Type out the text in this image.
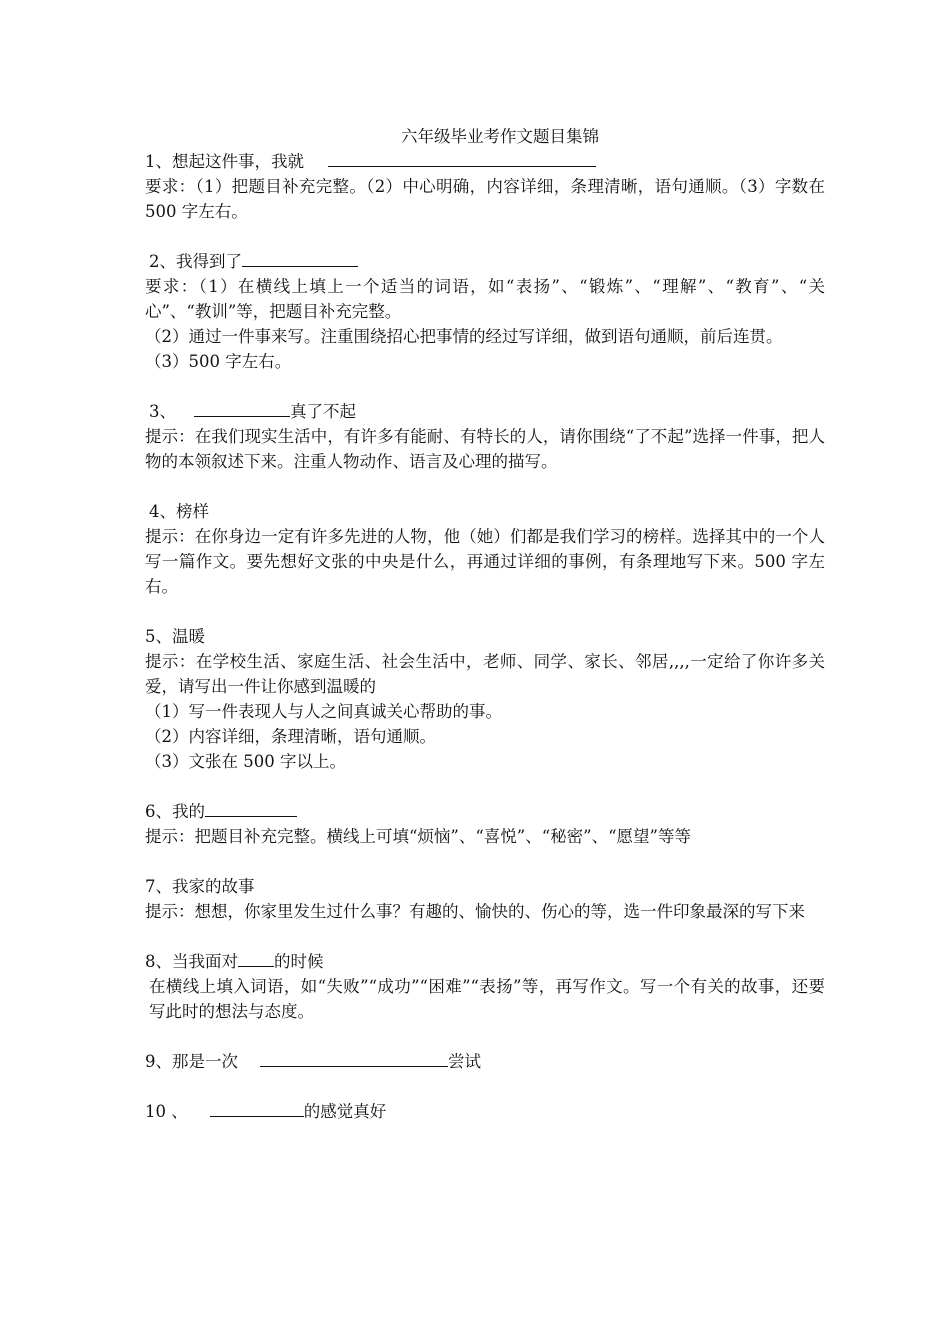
六年级毕业考作文题目集锦
1、想起这件事，我就
要求：（1）把题目补充完整。（2）中心明确，内容详细，条理清晰，语句通顺。（3）字数在 500 字左右。
2、我得到了
要求：（1）在横线上填上一个适当的词语，如“表扬”、“锻炼”、“理解”、“教育”、“关心”、“教训”等，把题目补充完整。
（2）通过一件事来写。注重围绕招心把事情的经过写详细，做到语句通顺，前后连贯。
（3）500 字左右。
3、	真了不起
提示：在我们现实生活中，有许多有能耐、有特长的人，请你围绕“了不起”选择一件事，把人物的本领叙述下来。注重人物动作、语言及心理的描写。
4、榜样
提示：在你身边一定有许多先进的人物，他（她）们都是我们学习的榜样。选择其中的一个人写一篇作文。要先想好文张的中央是什么，再通过详细的事例，有条理地写下来。500 字左右。
5、温暖
提示：在学校生活、家庭生活、社会生活中，老师、同学、家长、邻居,,,,一定给了你许多关爱，请写出一件让你感到温暖的
（1）写一件表现人与人之间真诚关心帮助的事。
（2）内容详细，条理清晰，语句通顺。
（3）文张在 500 字以上。
6、我的
提示：把题目补充完整。横线上可填“烦恼”、“喜悦”、“秘密”、“愿望”等等
7、我家的故事
提示：想想，你家里发生过什么事？有趣的、愉快的、伤心的等，选一件印象最深的写下来
8、当我面对 的时候
在横线上填入词语，如“失败”“成功”“困难”“表扬”等，再写作文。写一个有关的故事，还要写此时的想法与态度。
9、那是一次	尝试
10 、	的感觉真好
